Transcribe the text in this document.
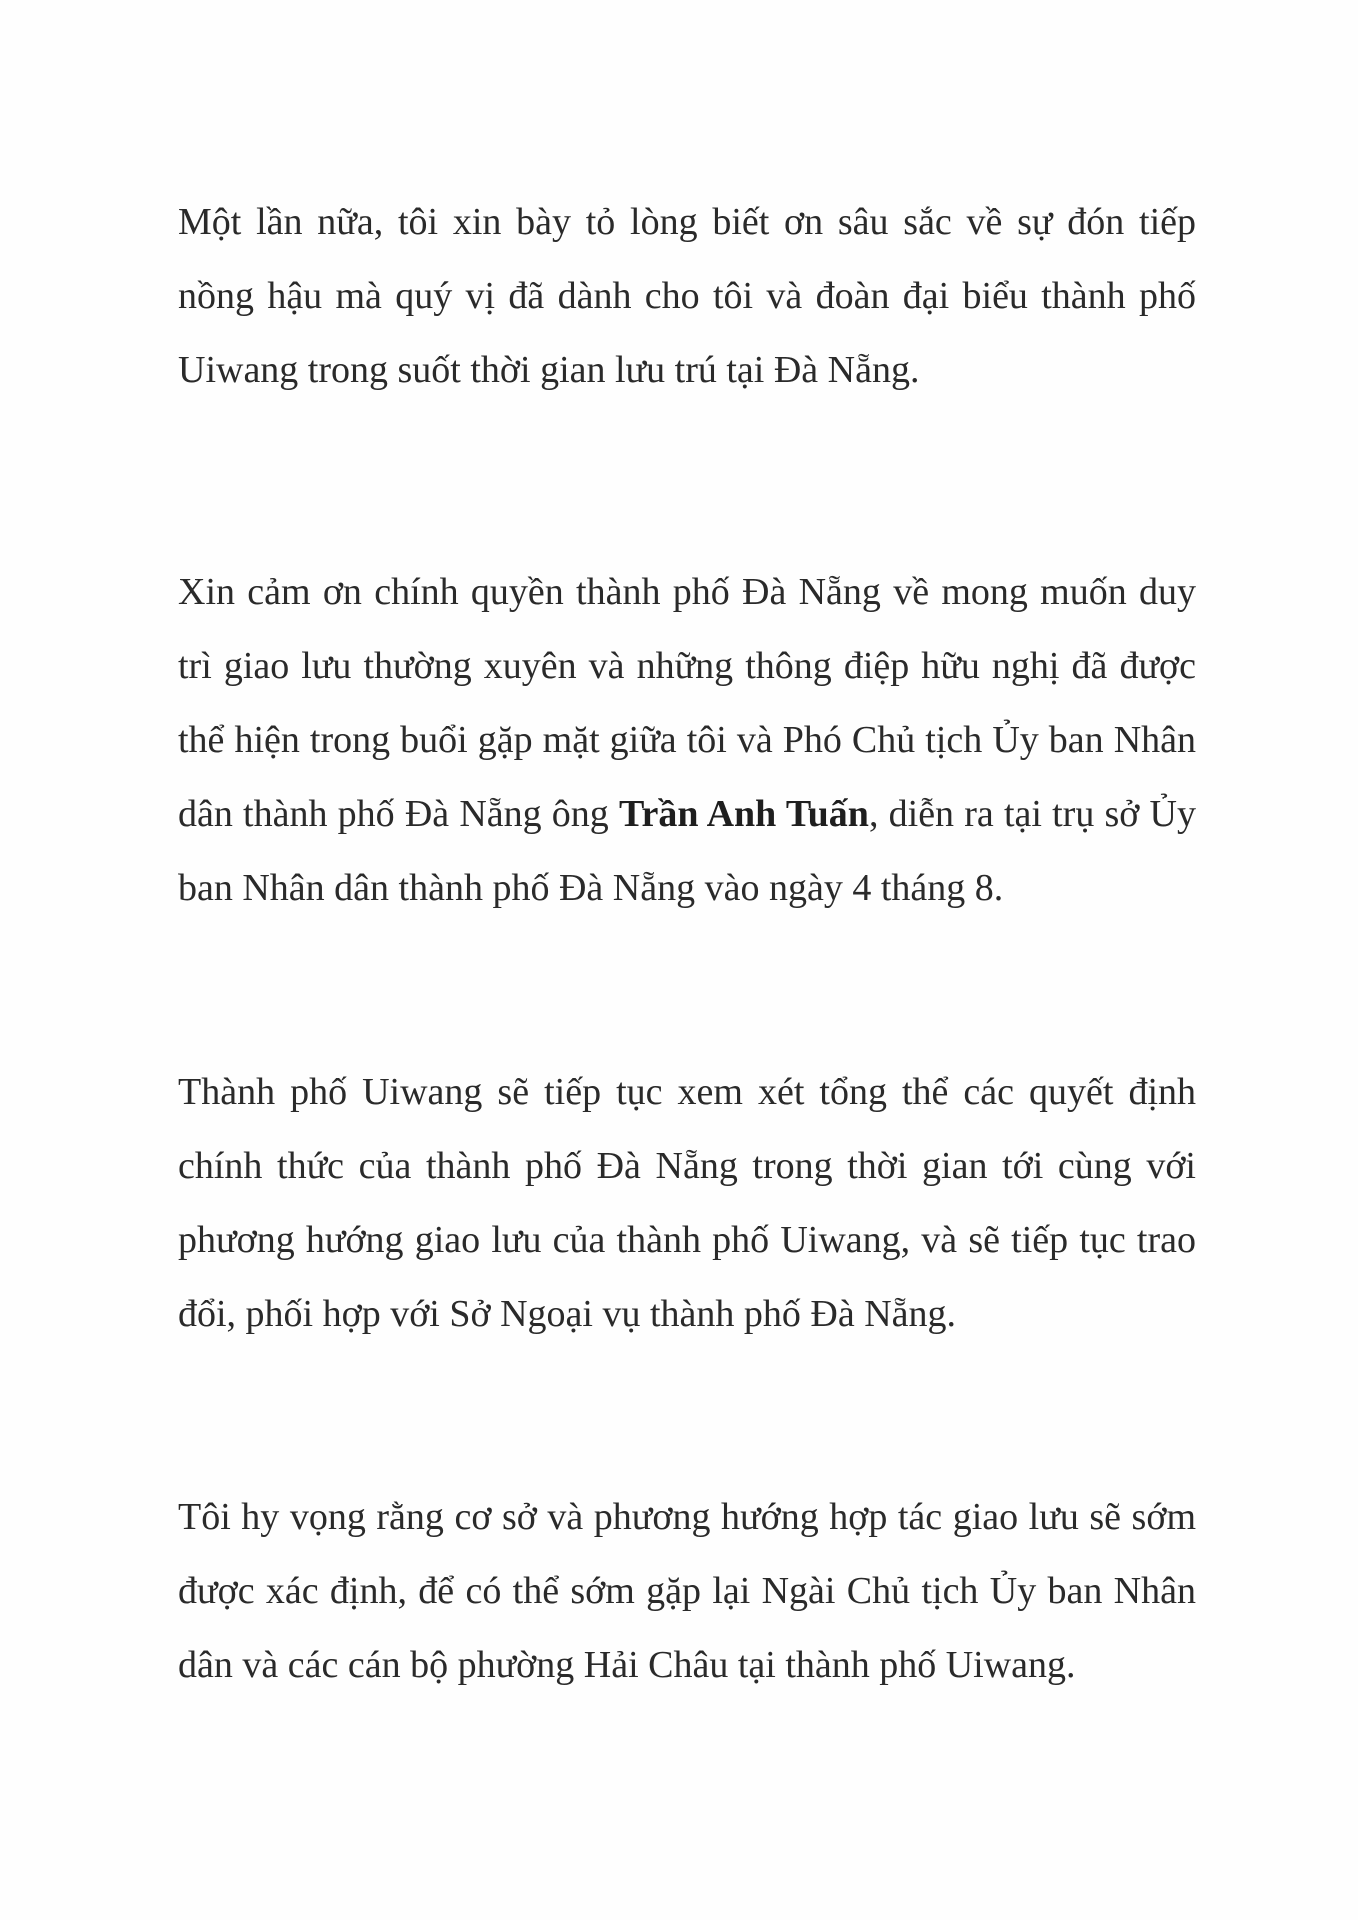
Một lần nữa, tôi xin bày tỏ lòng biết ơn sâu sắc về sự đón tiếp nồng hậu mà quý vị đã dành cho tôi và đoàn đại biểu thành phố Uiwang trong suốt thời gian lưu trú tại Đà Nẵng.

Xin cảm ơn chính quyền thành phố Đà Nẵng về mong muốn duy trì giao lưu thường xuyên và những thông điệp hữu nghị đã được thể hiện trong buổi gặp mặt giữa tôi và Phó Chủ tịch Ủy ban Nhân dân thành phố Đà Nẵng ông Trần Anh Tuấn, diễn ra tại trụ sở Ủy ban Nhân dân thành phố Đà Nẵng vào ngày 4 tháng 8.

Thành phố Uiwang sẽ tiếp tục xem xét tổng thể các quyết định chính thức của thành phố Đà Nẵng trong thời gian tới cùng với phương hướng giao lưu của thành phố Uiwang, và sẽ tiếp tục trao đổi, phối hợp với Sở Ngoại vụ thành phố Đà Nẵng.

Tôi hy vọng rằng cơ sở và phương hướng hợp tác giao lưu sẽ sớm được xác định, để có thể sớm gặp lại Ngài Chủ tịch Ủy ban Nhân dân và các cán bộ phường Hải Châu tại thành phố Uiwang.
